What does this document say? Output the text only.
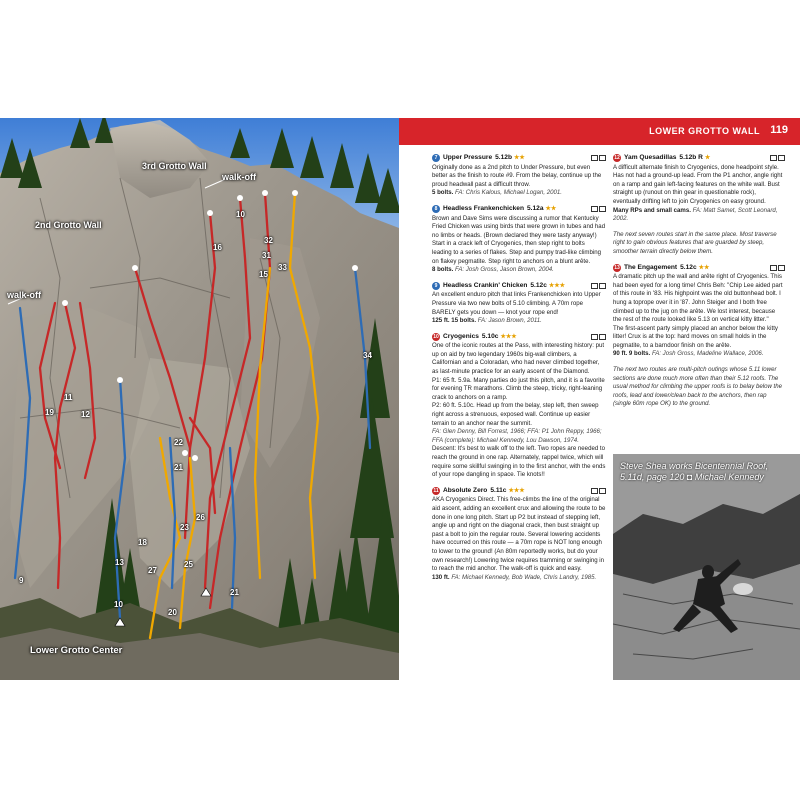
3rd Grotto Wall
walk-off
2nd Grotto Wall
walk-off
Lower Grotto Center
10
16
32
31
33
15
34
19
11
12
22
21
9
23
25
26
27
13
20
21
18
10
LOWER GROTTO WALL 119
7 Upper Pressure 5.12b ★★

Originally done as a 2nd pitch to Under Pressure, but even better as the finish to route #9. From the belay, continue up the proud headwall past a difficult throw.

5 bolts. FA: Chris Kalous, Michael Logan, 2001.

8 Headless Frankenchicken 5.12a ★★

Brown and Dave Sims were discussing a rumor that Kentucky Fried Chicken was using birds that were grown in tubes and had no limbs or heads. (Brown declared they were tasty anyway!) Start in a crack left of Cryogenics, then step right to bolts leading to a series of flakes. Step and pumpy trad-like climbing on flakey pegmatite. Step right to anchors on a blunt arête.

8 bolts. FA: Josh Gross, Jason Brown, 2004.

9 Headless Crankin' Chicken 5.12c ★★★

An excellent enduro pitch that links Frankenchicken into Upper Pressure via two new bolts of 5.10 climbing. A 70m rope BARELY gets you down — knot your rope end!

125 ft. 15 bolts. FA: Jason Brown, 2011.

10 Cryogenics 5.10c ★★★

One of the iconic routes at the Pass, with interesting history: put up on aid by two legendary 1960s big-wall climbers, a Californian and a Coloradan, who had never climbed together, as last-minute practice for an early ascent of the Diamond.

P1: 65 ft. 5.9a. Many parties do just this pitch, and it is a favorite for evening TR marathons. Climb the steep, tricky, right-leaning crack to anchors on a ramp.

P2: 60 ft. 5.10c. Head up from the belay, step left, then sweep right across a strenuous, exposed wall. Continue up easier terrain to an anchor near the summit.

FA: Glen Denny, Bill Forrest, 1966; FFA: P1 John Reppy, 1966; FFA (complete): Michael Kennedy, Lou Dawson, 1974.

Descent: It's best to walk off to the left. Two ropes are needed to reach the ground in one rap. Alternately, rappel twice, which will require some skillful swinging in to the first anchor, with the ends of your rope dangling in space. Tie knots!!

11 Absolute Zero 5.11c ★★★

AKA Cryogenics Direct. This free-climbs the line of the original aid ascent, adding an excellent crux and allowing the route to be done in one long pitch. Start up P2 but instead of stepping left, angle up and right on the diagonal crack, then bust straight up past a bolt to join the regular route. Several lowering accidents have occurred on this route — a 70m rope is NOT long enough to lower to the ground! (An 80m reportedly works, but do your own research!) Lowering twice requires tramming or swinging in to reach the mid anchor. The walk-off is quick and easy.

130 ft. FA: Michael Kennedy, Bob Wade, Chris Landry, 1985.

12 Yam Quesadillas 5.12b R ★

A difficult alternate finish to Cryogenics, done headpoint style. Has not had a ground-up lead. From the P1 anchor, angle right on a ramp and gain left-facing features on the white wall. Bust straight up (runout on thin gear in questionable rock), eventually drifting left to join Cryogenics on easy ground.

Many RPs and small cams. FA: Matt Samet, Scott Leonard, 2002.

The next seven routes start in the same place. Most traverse right to gain obvious features that are guarded by steep, smoother terrain directly below them.

13 The Engagement 5.12c ★★

A dramatic pitch up the wall and arête right of Cryogenics. This had been eyed for a long time! Chris Beh: "Chip Lee aided part of this route in '83. His highpoint was the old buttonhead bolt. I hung a toprope over it in '87. John Steiger and I both free climbed up to the jug on the arête. We lost interest, because the rest of the route looked like 5.13 on vertical kitty litter."

The first-ascent party simply placed an anchor below the kitty litter! Crux is at the top: hard moves on small holds in the pegmatite, to a barndoor finish on the arête.

90 ft. 9 bolts. FA: Josh Gross, Madeline Wallace, 2006.

The next two routes are multi-pitch outings whose 5.11 lower sections are done much more often than their 5.12 roofs. The usual method for climbing the upper roofs is to belay below the roofs, lead and lower/clean back to the anchors, then rap (single 60m rope OK) to the ground.

Steve Shea works Bicentennial Roof,
5.11d, page 120 ◘ Michael Kennedy
